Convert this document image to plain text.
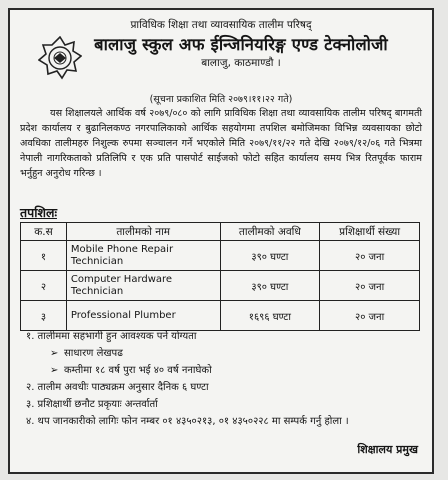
प्राविधिक शिक्षा तथा व्यावसायिक तालीम परिषद्
बालाजु स्कुल अफ ईन्जिनियरिङ्ग एण्ड टेक्नोलोजी
बालाजु, काठमाण्डौ ।
(सूचना प्रकाशित मिति २०७९।११।२२ गते)
यस शिक्षालयले आर्थिक वर्ष २०७९/०८० को लागि प्राविधिक शिक्षा तथा व्यावसायिक तालीम परिषद् बागमती प्रदेश कार्यालय र बुढानिलकण्ठ नगरपालिकाको आर्थिक सहयोगमा तपशिल बमोजिमका विभिन्न व्यवसायका छोटो अवधिका तालीमहरु निशुल्क रुपमा सञ्चालन गर्ने भएकोले मिति २०७९/११/२२ गते देखि २०७९/१२/०६ गते भित्रमा नेपाली नागरिकताको प्रतिलिपि र एक प्रति पासपोर्ट साईजको फोटो सहित कार्यालय समय भित्र रितपूर्वक फाराम भर्नुहुन अनुरोध गरिन्छ ।
तपशिलः
क.स	तालीमको नाम	तालीमको अवधि	प्रशिक्षार्थी संख्या
१	Mobile Phone Repair Technician	३९० घण्टा	२० जना
२	Computer Hardware Technician	३९० घण्टा	२० जना
३	Professional Plumber	१६९६ घण्टा	२० जना
१. तालीममा सहभागी हुन आवश्यक पर्ने योग्यता
➢ साधारण लेखपढ
➢ कम्तीमा १८ वर्ष पुरा भई ४० वर्ष ननाघेको
२. तालीम अवधीः पाठ्यक्रम अनुसार दैनिक ६ घण्टा
३. प्रशिक्षार्थी छनौट प्रकृयाः अन्तर्वार्ता
४. थप जानकारीको लागिः फोन नम्बर ०१ ४३५०२१३, ०१ ४३५०२२८ मा सम्पर्क गर्नु होला ।
शिक्षालय प्रमुख
